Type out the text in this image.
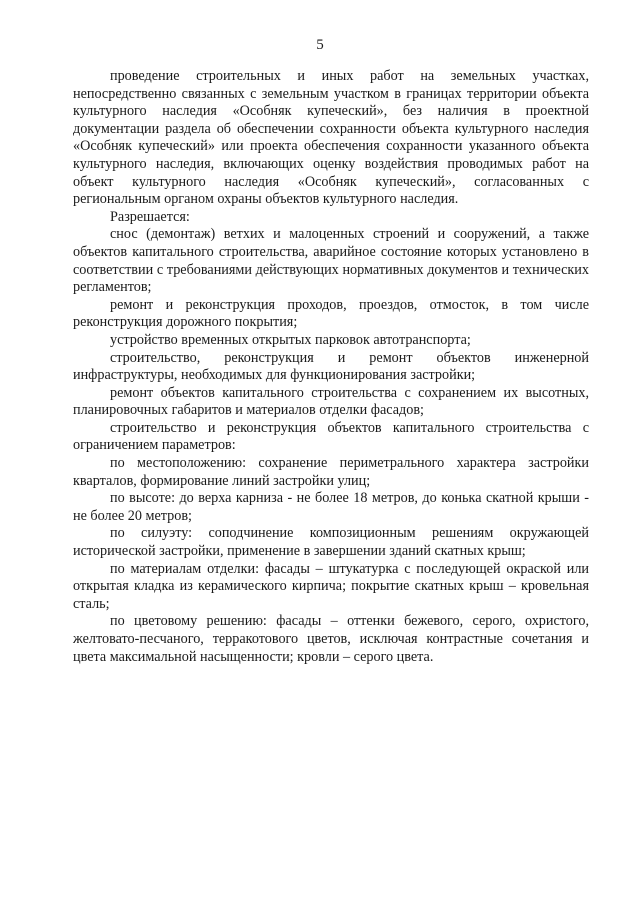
5

проведение строительных и иных работ на земельных участках, непосредственно связанных с земельным участком в границах территории объекта культурного наследия «Особняк купеческий», без наличия в проектной документации раздела об обеспечении сохранности объекта культурного наследия «Особняк купеческий» или проекта обеспечения сохранности указанного объекта культурного наследия, включающих оценку воздействия проводимых работ на объект культурного наследия «Особняк купеческий», согласованных с региональным органом охраны объектов культурного наследия.

Разрешается:

снос (демонтаж) ветхих и малоценных строений и сооружений, а также объектов капитального строительства, аварийное состояние которых установлено в соответствии с требованиями действующих нормативных документов и технических регламентов;

ремонт и реконструкция проходов, проездов, отмосток, в том числе реконструкция дорожного покрытия;

устройство временных открытых парковок автотранспорта;

строительство, реконструкция и ремонт объектов инженерной инфраструктуры, необходимых для функционирования застройки;

ремонт объектов капитального строительства с сохранением их высотных, планировочных габаритов и материалов отделки фасадов;

строительство и реконструкция объектов капитального строительства с ограничением параметров:

по местоположению: сохранение периметрального характера застройки кварталов, формирование линий застройки улиц;

по высоте: до верха карниза - не более 18 метров, до конька скатной крыши - не более 20 метров;

по силуэту: соподчинение композиционным решениям окружающей исторической застройки, применение в завершении зданий скатных крыш;

по материалам отделки: фасады – штукатурка с последующей окраской или открытая кладка из керамического кирпича; покрытие скатных крыш – кровельная сталь;

по цветовому решению: фасады – оттенки бежевого, серого, охристого, желтовато-песчаного, терракотового цветов, исключая контрастные сочетания и цвета максимальной насыщенности; кровли – серого цвета.
